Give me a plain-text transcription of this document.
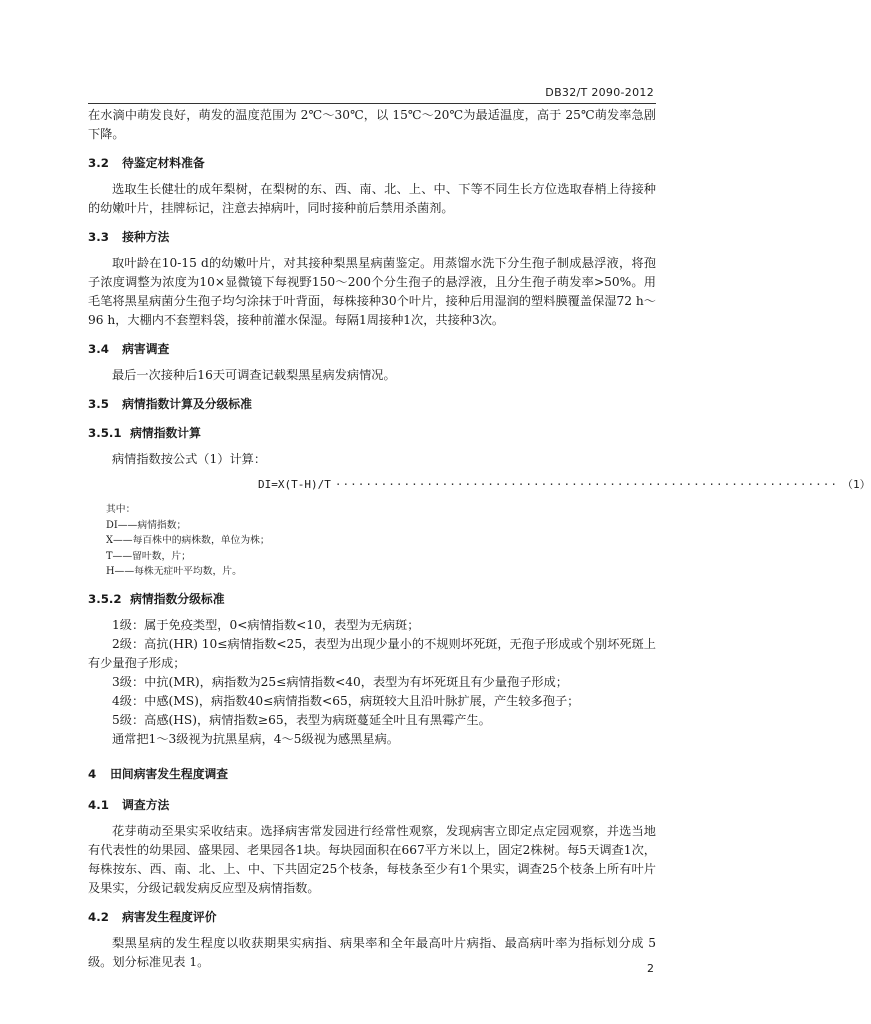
DB32/T 2090-2012

在水滴中萌发良好，萌发的温度范围为 2℃～30℃，以 15℃～20℃为最适温度，高于 25℃萌发率急剧下降。

3.2 待鉴定材料准备

选取生长健壮的成年梨树，在梨树的东、西、南、北、上、中、下等不同生长方位选取春梢上待接种的幼嫩叶片，挂牌标记，注意去掉病叶，同时接种前后禁用杀菌剂。

3.3 接种方法

取叶龄在10-15 d的幼嫩叶片，对其接种梨黑星病菌鉴定。用蒸馏水洗下分生孢子制成悬浮液，将孢子浓度调整为浓度为10×显微镜下每视野150～200个分生孢子的悬浮液，且分生孢子萌发率>50%。用毛笔将黑星病菌分生孢子均匀涂抹于叶背面，每株接种30个叶片，接种后用湿润的塑料膜覆盖保湿72 h～96 h，大棚内不套塑料袋，接种前灌水保湿。每隔1周接种1次，共接种3次。

3.4 病害调查

最后一次接种后16天可调查记载梨黑星病发病情况。

3.5 病情指数计算及分级标准
3.5.1 病情指数计算

病情指数按公式（1）计算：

DI=X(T-H)/T ·································································· （1）

其中：

DI——病情指数；

X——每百株中的病株数，单位为株；

T——留叶数，片；

H——每株无症叶平均数，片。

3.5.2 病情指数分级标准

1级：属于免疫类型，0<病情指数<10，表型为无病斑；

2级：高抗(HR) 10≤病情指数<25，表型为出现少量小的不规则坏死斑，无孢子形成或个别坏死斑上有少量孢子形成；

3级：中抗(MR)，病指数为25≤病情指数<40，表型为有坏死斑且有少量孢子形成；

4级：中感(MS)，病指数40≤病情指数<65，病斑较大且沿叶脉扩展，产生较多孢子；

5级：高感(HS)，病情指数≥65，表型为病斑蔓延全叶且有黑霉产生。

通常把1～3级视为抗黑星病，4～5级视为感黑星病。

4 田间病害发生程度调查
4.1 调查方法

花芽萌动至果实采收结束。选择病害常发园进行经常性观察，发现病害立即定点定园观察，并选当地有代表性的幼果园、盛果园、老果园各1块。每块园面积在667平方米以上，固定2株树。每5天调查1次，每株按东、西、南、北、上、中、下共固定25个枝条，每枝条至少有1个果实，调查25个枝条上所有叶片及果实，分级记载发病反应型及病情指数。

4.2 病害发生程度评价

梨黑星病的发生程度以收获期果实病指、病果率和全年最高叶片病指、最高病叶率为指标划分成 5 级。划分标准见表 1。	2
